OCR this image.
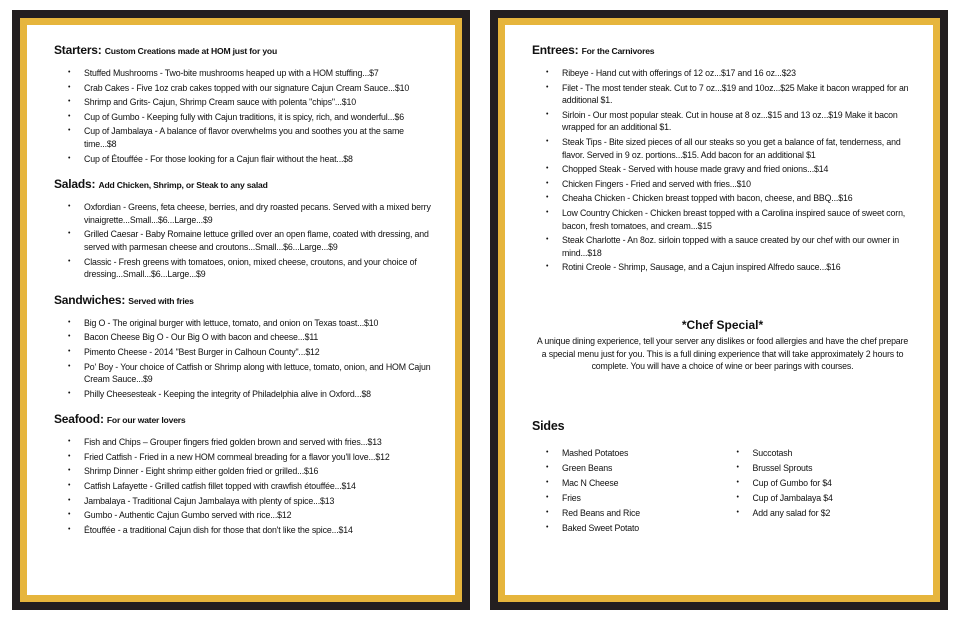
Starters: Custom Creations made at HOM just for you
• Stuffed Mushrooms - Two-bite mushrooms heaped up with a HOM stuffing...$7
• Crab Cakes - Five 1oz crab cakes topped with our signature Cajun Cream Sauce...$10
• Shrimp and Grits- Cajun, Shrimp Cream sauce with polenta "chips"...$10
• Cup of Gumbo - Keeping fully with Cajun traditions, it is spicy, rich, and wonderful...$6
• Cup of Jambalaya - A balance of flavor overwhelms you and soothes you at the same time...$8
• Cup of Étouffée - For those looking for a Cajun flair without the heat...$8
Salads: Add Chicken, Shrimp, or Steak to any salad
• Oxfordian - Greens, feta cheese, berries, and dry roasted pecans. Served with a mixed berry vinaigrette...Small...$6...Large...$9
• Grilled Caesar - Baby Romaine lettuce grilled over an open flame, coated with dressing, and served with parmesan cheese and croutons...Small...$6...Large...$9
• Classic - Fresh greens with tomatoes, onion, mixed cheese, croutons, and your choice of dressing...Small...$6...Large...$9
Sandwiches: Served with fries
• Big O - The original burger with lettuce, tomato, and onion on Texas toast...$10
• Bacon Cheese Big O - Our Big O with bacon and cheese...$11
• Pimento Cheese - 2014 "Best Burger in Calhoun County"...$12
• Po' Boy - Your choice of Catfish or Shrimp along with lettuce, tomato, onion, and HOM Cajun Cream Sauce...$9
• Philly Cheesesteak - Keeping the integrity of Philadelphia alive in Oxford...$8
Seafood: For our water lovers
• Fish and Chips – Grouper fingers fried golden brown and served with fries...$13
• Fried Catfish - Fried in a new HOM cornmeal breading for a flavor you'll love...$12
• Shrimp Dinner - Eight shrimp either golden fried or grilled...$16
• Catfish Lafayette - Grilled catfish fillet topped with crawfish étouffée...$14
• Jambalaya - Traditional Cajun Jambalaya with plenty of spice...$13
• Gumbo - Authentic Cajun Gumbo served with rice...$12
• Étouffée - a traditional Cajun dish for those that don't like the spice...$14
Entrees: For the Carnivores
• Ribeye - Hand cut with offerings of 12 oz...$17 and 16 oz...$23
• Filet - The most tender steak. Cut to 7 oz...$19 and 10oz...$25 Make it bacon wrapped for an additional $1.
• Sirloin - Our most popular steak. Cut in house at 8 oz...$15 and 13 oz...$19 Make it bacon wrapped for an additional $1.
• Steak Tips - Bite sized pieces of all our steaks so you get a balance of fat, tenderness, and flavor. Served in 9 oz. portions...$15. Add bacon for an additional $1
• Chopped Steak - Served with house made gravy and fried onions...$14
• Chicken Fingers - Fried and served with fries...$10
• Cheaha Chicken - Chicken breast topped with bacon, cheese, and BBQ...$16
• Low Country Chicken - Chicken breast topped with a Carolina inspired sauce of sweet corn, bacon, fresh tomatoes, and cream...$15
• Steak Charlotte - An 8oz. sirloin topped with a sauce created by our chef with our owner in mind...$18
• Rotini Creole - Shrimp, Sausage, and a Cajun inspired Alfredo sauce...$16
*Chef Special*
A unique dining experience, tell your server any dislikes or food allergies and have the chef prepare a special menu just for you. This is a full dining experience that will take approximately 2 hours to complete. You will have a choice of wine or beer parings with courses.
Sides
• Mashed Potatoes
• Green Beans
• Mac N Cheese
• Fries
• Red Beans and Rice
• Baked Sweet Potato
• Succotash
• Brussel Sprouts
• Cup of Gumbo for $4
• Cup of Jambalaya $4
• Add any salad for $2
